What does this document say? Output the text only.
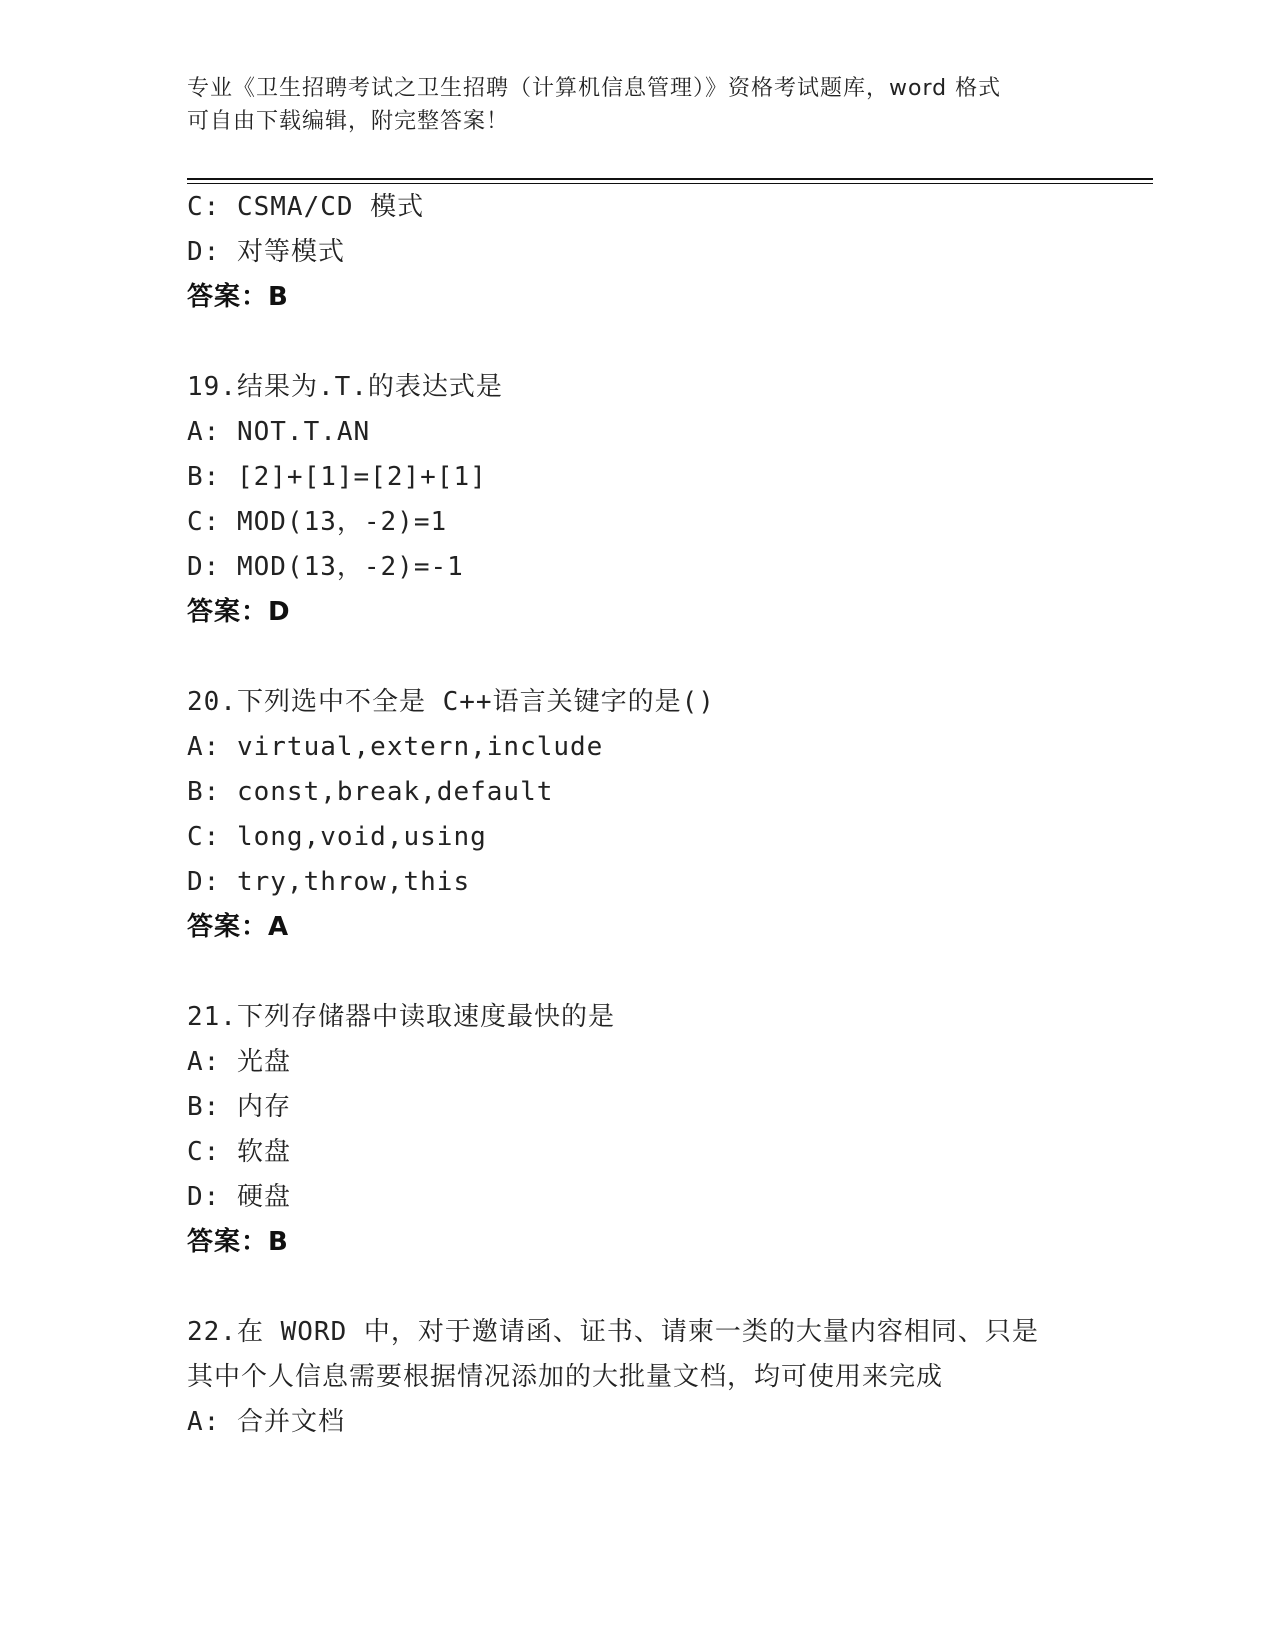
专业《卫生招聘考试之卫生招聘（计算机信息管理）》资格考试题库，word 格式
可自由下载编辑，附完整答案！
C: CSMA/CD 模式
D: 对等模式
答案：B
19.结果为.T.的表达式是
A: NOT.T.AN
B: [2]+[1]=[2]+[1]
C: MOD(13，-2)=1
D: MOD(13，-2)=-1
答案：D
20.下列选中不全是 C++语言关键字的是()
A: virtual,extern,include
B: const,break,default
C: long,void,using
D: try,throw,this
答案：A
21.下列存储器中读取速度最快的是
A: 光盘
B: 内存
C: 软盘
D: 硬盘
答案：B
22.在 WORD 中，对于邀请函、证书、请柬一类的大量内容相同、只是
其中个人信息需要根据情况添加的大批量文档，均可使用来完成
A: 合并文档
